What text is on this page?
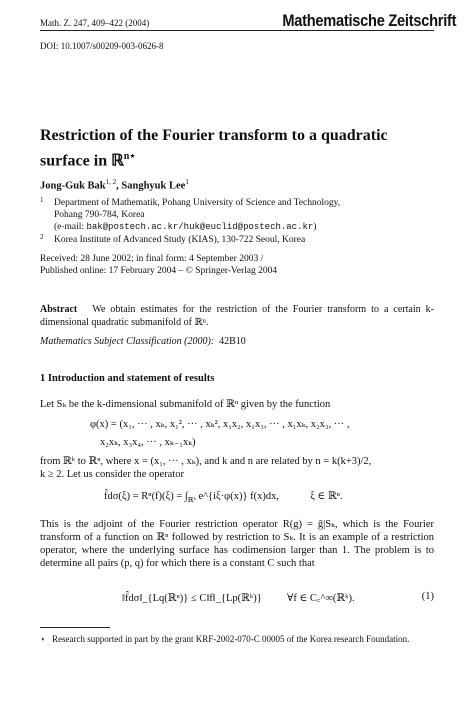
Math. Z. 247, 409–422 (2004)	Mathematische Zeitschrift
DOI: 10.1007/s00209-003-0626-8
Restriction of the Fourier transform to a quadratic
surface in ℝ$^{n⋆}$
Jong-Guk Bak$^{1, 2}$, Sanghyuk Lee$^1$
1	Department of Mathematik, Pohang University of Science and Technology,
Pohang 790-784, Korea
(e-mail: bak@postech.ac.kr/huk@euclid@postech.ac.kr)
2	Korea Institute of Advanced Study (KIAS), 130-722 Seoul, Korea
Received: 28 June 2002; in final form: 4 September 2003 /
Published online: 17 February 2004 – © Springer-Verlag 2004
Abstract We obtain estimates for the restriction of the Fourier transform to a certain k-dimensional quadratic submanifold of ℝⁿ.
Mathematics Subject Classification (2000): 42B10
1 Introduction and statement of results
Let Sₖ be the k-dimensional submanifold of ℝⁿ given by the function
φ(x) = (x₁, ··· , xₖ, x₁², ··· , xₖ², x₁x₂, x₁x₃, ··· , x₁xₖ, x₂x₃, ··· ,
x₂xₖ, x₃x₄, ··· , xₖ₋₁xₖ)
from ℝᵏ to ℝⁿ, where x = (x₁, ··· , xₖ), and k and n are related by n = k(k+3)/2,
k ≥ 2. Let us consider the operator
f̂dσ(ξ) = $R^n(f)(\xi) = \int_{ℝᵏ}$ e^{iξ·φ(x)} f(x)dx,	ξ ∈ ℝⁿ.
This is the adjoint of the Fourier restriction operator R(g) = ĝ|Sₖ, which is the Fourier transform of a function on ℝⁿ followed by restriction to Sₖ. It is an example of a restriction operator, where the underlying surface has codimension larger than 1. The problem is to determine all pairs (p, q) for which there is a constant C such that
‖f̂dσ‖_{Lq(ℝⁿ)} ≤ C‖f‖_{Lp(ℝᵏ)} ∀f ∈ C꜀^∞(ℝᵏ).	(1)
⋆ Research supported in part by the grant KRF-2002-070-C 00005 of the Korea research Foundation.
